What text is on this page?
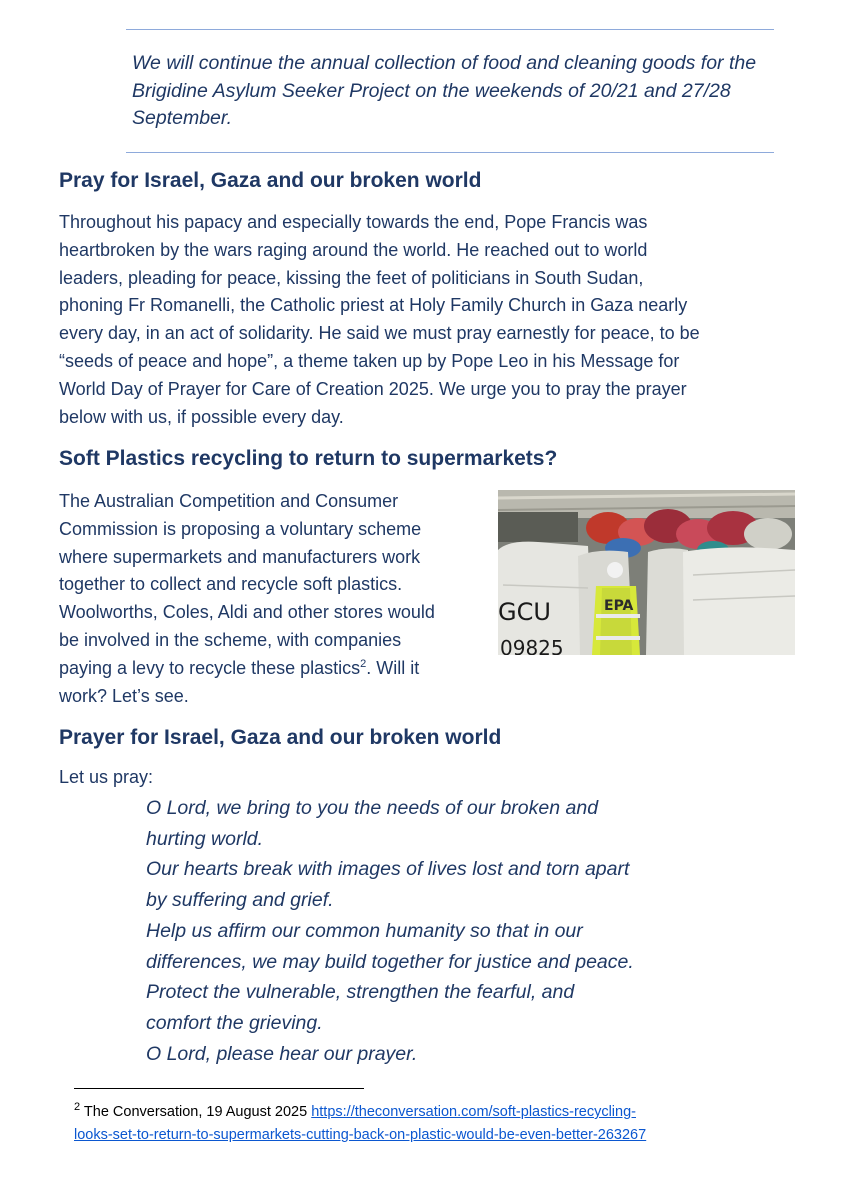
We will continue the annual collection of food and cleaning goods for the Brigidine Asylum Seeker Project on the weekends of 20/21 and 27/28 September.
Pray for Israel, Gaza and our broken world
Throughout his papacy and especially towards the end, Pope Francis was
heartbroken by the wars raging around the world. He reached out to world
leaders, pleading for peace, kissing the feet of politicians in South Sudan,
phoning Fr Romanelli, the Catholic priest at Holy Family Church in Gaza nearly
every day, in an act of solidarity. He said we must pray earnestly for peace, to be
“seeds of peace and hope”, a theme taken up by Pope Leo in his Message for
World Day of Prayer for Care of Creation 2025. We urge you to pray the prayer
below with us, if possible every day.
Soft Plastics recycling to return to supermarkets?
The Australian Competition and Consumer
Commission is proposing a voluntary scheme
where supermarkets and manufacturers work
together to collect and recycle soft plastics.
Woolworths, Coles, Aldi and other stores would
be involved in the scheme, with companies
paying a levy to recycle these plastics$^2$. Will it
work? Let’s see.
GCU
09825
EPA
Prayer for Israel, Gaza and our broken world
Let us pray:

O Lord, we bring to you the needs of our broken and

hurting world.

Our hearts break with images of lives lost and torn apart

by suffering and grief.

Help us affirm our common humanity so that in our

differences, we may build together for justice and peace.

Protect the vulnerable, strengthen the fearful, and

comfort the grieving.

O Lord, please hear our prayer.

$^2$ The Conversation, 19 August 2025 https://theconversation.com/soft-plastics-recycling-
looks-set-to-return-to-supermarkets-cutting-back-on-plastic-would-be-even-better-263267
